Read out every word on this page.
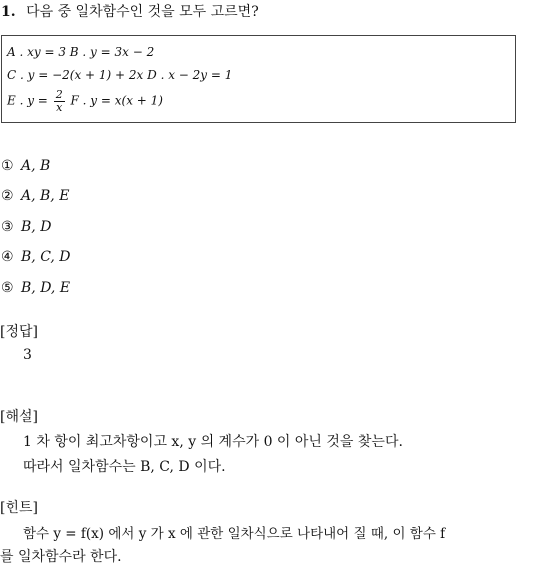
1. 다음 중 일차함수인 것을 모두 고르면?
A . xy = 3 B . y = 3x − 2
C . y = −2(x + 1) + 2x D . x − 2y = 1
E . $y = \frac{2}{x}$ F . y = x(x + 1)
① A, B
② A, B, E
③ B, D
④ B, C, D
⑤ B, D, E
[정답]
3
[해설]
1 차 항이 최고차항이고 x, y 의 계수가 0 이 아닌 것을 찾는다.
따라서 일차함수는 B, C, D 이다.
[힌트]
함수 y = f(x) 에서 y 가 x 에 관한 일차식으로 나타내어 질 때, 이 함수 f
를 일차함수라 한다.
